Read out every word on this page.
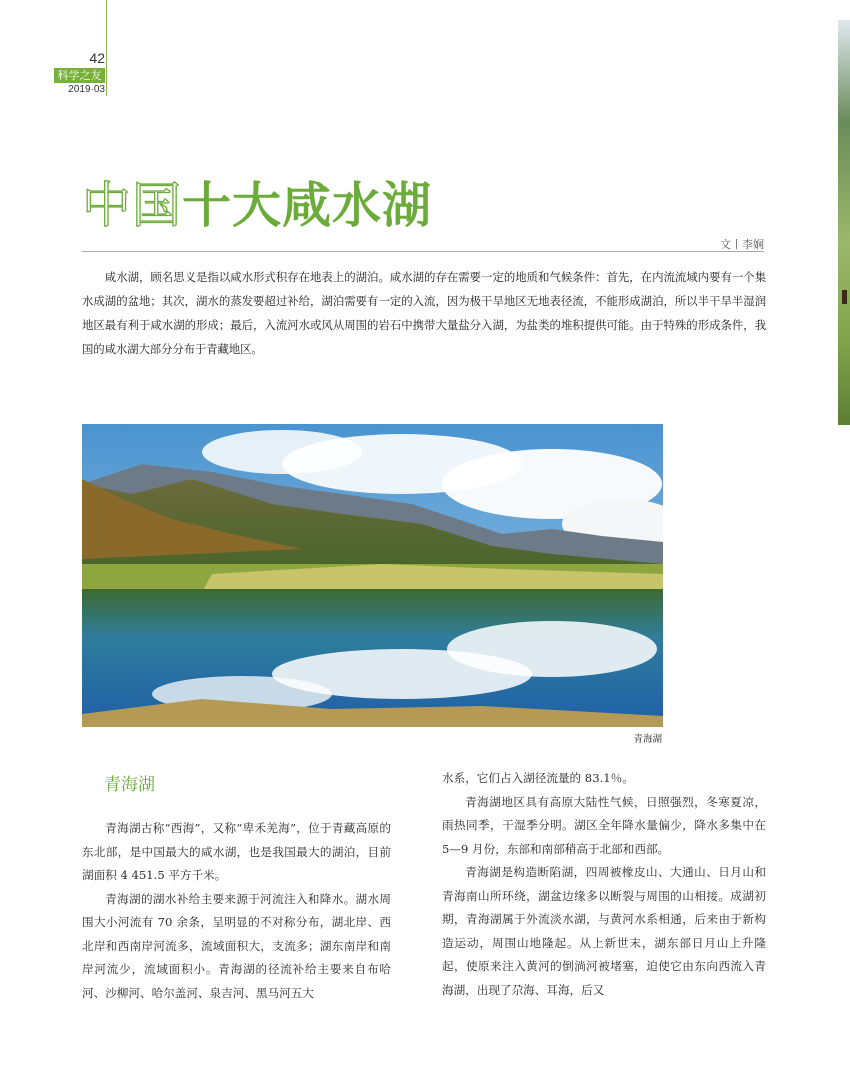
42
科学之友
2019·03
中国十大咸水湖
文丨李娴

咸水湖，顾名思义是指以咸水形式积存在地表上的湖泊。咸水湖的存在需要一定的地质和气候条件：首先，在内流流域内要有一个集水成湖的盆地；其次，湖水的蒸发要超过补给，湖泊需要有一定的入流，因为极干旱地区无地表径流，不能形成湖泊，所以半干旱半湿润地区最有利于咸水湖的形成；最后，入流河水或风从周围的岩石中携带大量盐分入湖，为盐类的堆积提供可能。由于特殊的形成条件，我国的咸水湖大部分分布于青藏地区。

青海湖
青海湖

青海湖古称“西海”，又称“卑禾羌海”，位于青藏高原的东北部，是中国最大的咸水湖，也是我国最大的湖泊，目前湖面积 4 451.5 平方千米。

青海湖的湖水补给主要来源于河流注入和降水。湖水周围大小河流有 70 余条，呈明显的不对称分布，湖北岸、西北岸和西南岸河流多，流域面积大，支流多；湖东南岸和南岸河流少，流域面积小。青海湖的径流补给主要来自布哈河、沙柳河、哈尔盖河、泉吉河、黑马河五大

水系，它们占入湖径流量的 83.1％。

青海湖地区具有高原大陆性气候，日照强烈，冬寒夏凉，雨热同季，干湿季分明。湖区全年降水量偏少，降水多集中在 5—9 月份，东部和南部稍高于北部和西部。

青海湖是构造断陷湖，四周被橡皮山、大通山、日月山和青海南山所环绕，湖盆边缘多以断裂与周围的山相接。成湖初期，青海湖属于外流淡水湖，与黄河水系相通，后来由于新构造运动，周围山地隆起。从上新世末，湖东部日月山上升隆起，使原来注入黄河的倒淌河被堵塞，迫使它由东向西流入青海湖，出现了尕海、耳海，后又
